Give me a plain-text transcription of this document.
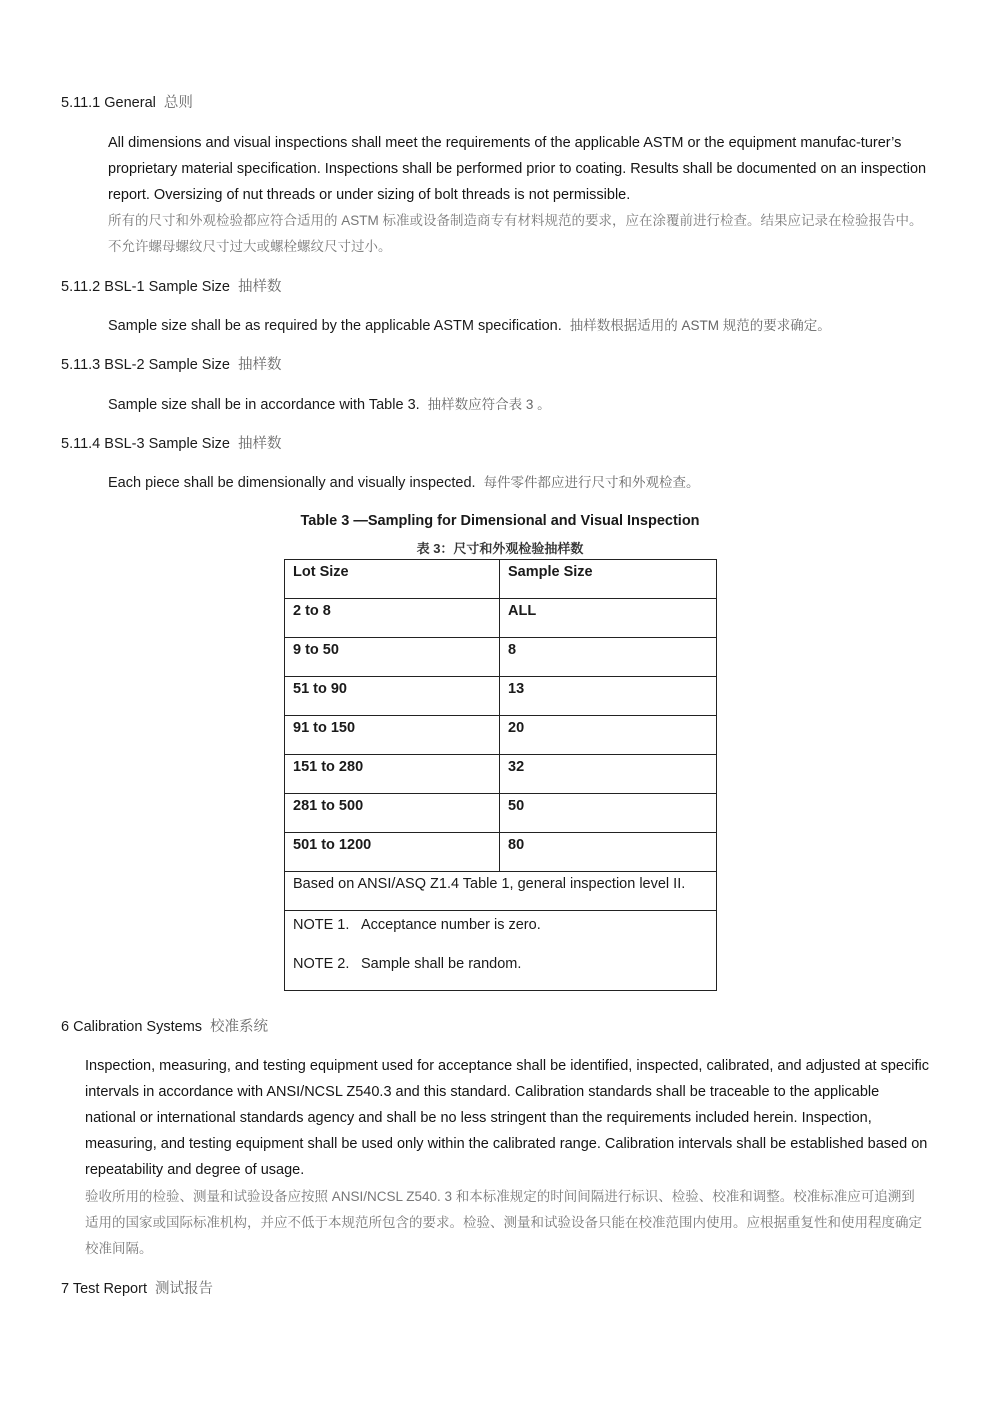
5.11.1 General 总则
All dimensions and visual inspections shall meet the requirements of the applicable ASTM or the equipment manufac-turer’s proprietary material specification. Inspections shall be performed prior to coating. Results shall be documented on an inspection report. Oversizing of nut threads or under sizing of bolt threads is not permissible.
所有的尺寸和外观检验都应符合适用的 ASTM 标准或设备制造商专有材料规范的要求，应在涂覆前进行检查。结果应记录在检验报告中。不允许螺母螺纹尺寸过大或螺栓螺纹尺寸过小。
5.11.2 BSL-1 Sample Size 抽样数
Sample size shall be as required by the applicable ASTM specification. 抽样数根据适用的 ASTM 规范的要求确定。
5.11.3 BSL-2 Sample Size 抽样数
Sample size shall be in accordance with Table 3. 抽样数应符合表 3 。
5.11.4 BSL-3 Sample Size 抽样数
Each piece shall be dimensionally and visually inspected. 每件零件都应进行尺寸和外观检查。
Table 3 —Sampling for Dimensional and Visual Inspection
表 3：尺寸和外观检验抽样数
Lot Size	Sample Size
2 to 8	ALL
9 to 50	8
51 to 90	13
91 to 150	20
151 to 280	32
281 to 500	50
501 to 1200	80
Based on ANSI/ASQ Z1.4 Table 1, general inspection level II.	

NOTE 1. Acceptance number is zero.
NOTE 2. Sample shall be random.	
6 Calibration Systems 校准系统
Inspection, measuring, and testing equipment used for acceptance shall be identified, inspected, calibrated, and adjusted at specific intervals in accordance with ANSI/NCSL Z540.3 and this standard. Calibration standards shall be traceable to the applicable national or international standards agency and shall be no less stringent than the requirements included herein. Inspection, measuring, and testing equipment shall be used only within the calibrated range. Calibration intervals shall be established based on repeatability and degree of usage.
验收所用的检验、测量和试验设备应按照 ANSI/NCSL Z540. 3 和本标准规定的时间间隔进行标识、检验、校准和调整。校准标准应可追溯到适用的国家或国际标准机构，并应不低于本规范所包含的要求。检验、测量和试验设备只能在校准范围内使用。应根据重复性和使用程度确定校准间隔。
7 Test Report 测试报告
